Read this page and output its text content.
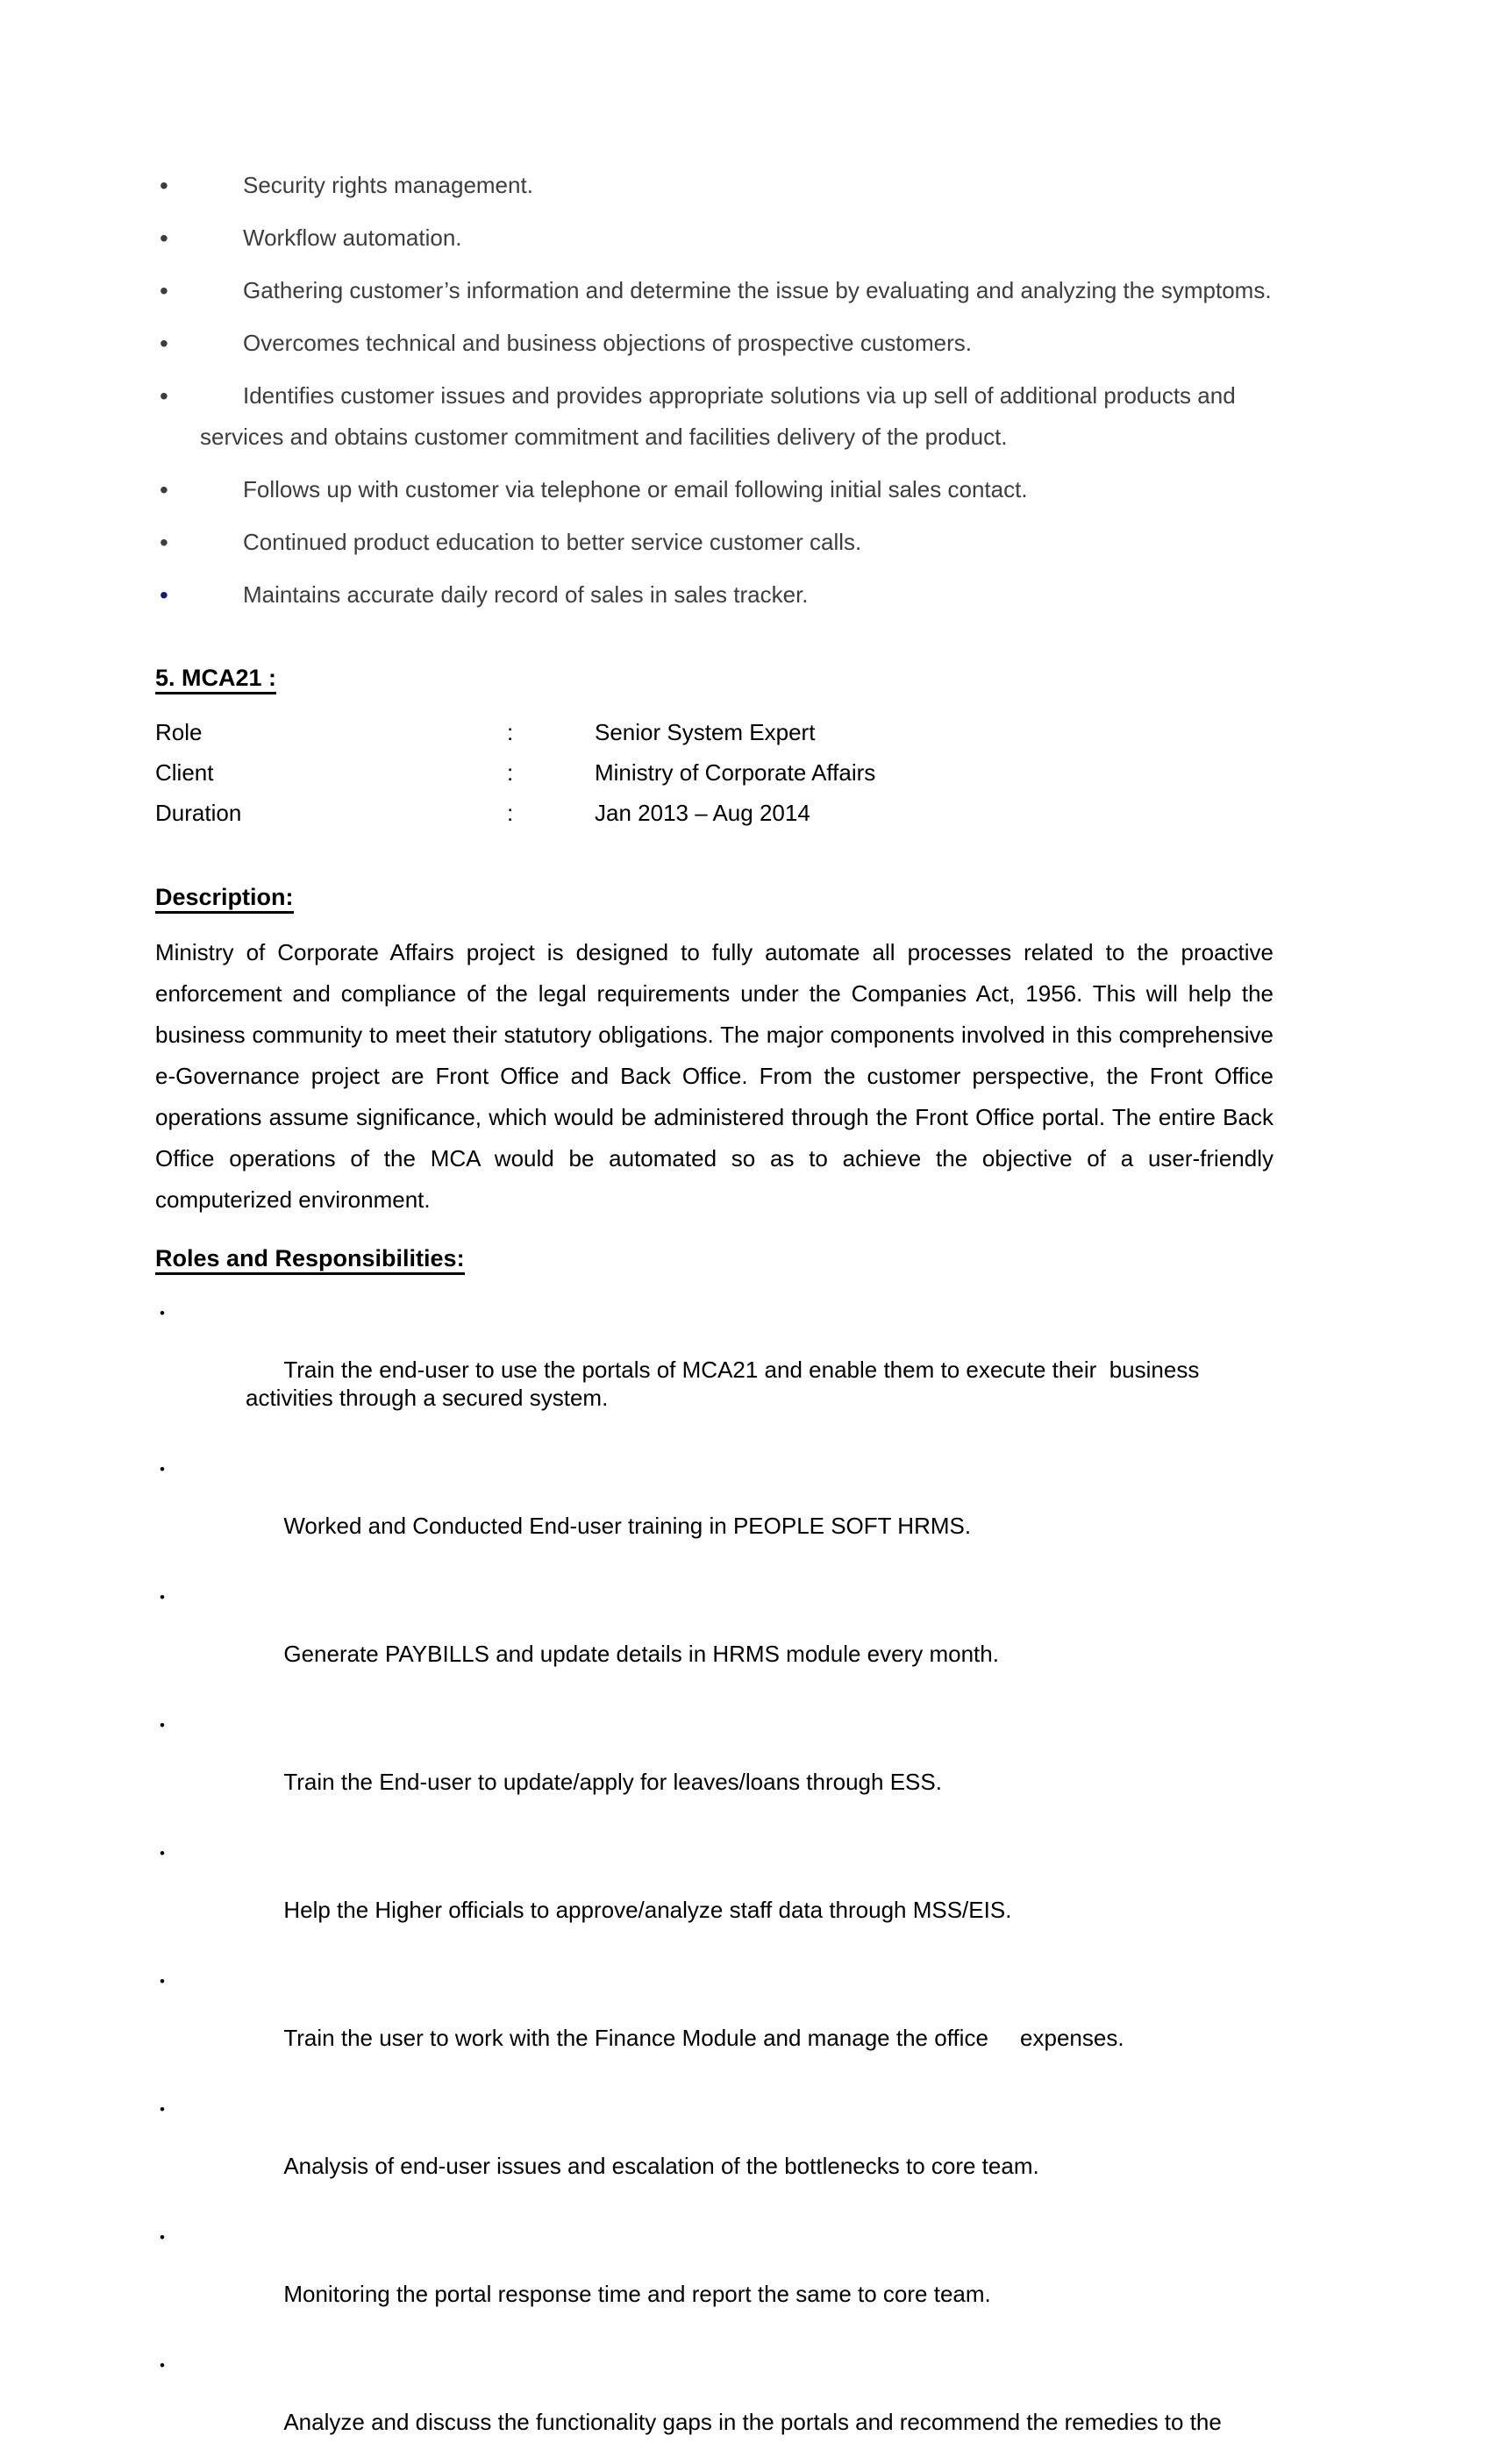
•	Security rights management.
•	Workflow automation.
•	Gathering customer’s information and determine the issue by evaluating and analyzing the symptoms.
•	Overcomes technical and business objections of prospective customers.
•	Identifies customer issues and provides appropriate solutions via up sell of additional products and services and obtains customer commitment and facilities delivery of the product.
•	Follows up with customer via telephone or email following initial sales contact.
•	Continued product education to better service customer calls.
•	Maintains accurate daily record of sales in sales tracker.
5. MCA21 :
Role	:	Senior System Expert
Client	:	Ministry of Corporate Affairs
Duration	:	Jan 2013 – Aug 2014
Description:

Ministry of Corporate Affairs project is designed to fully automate all processes related to the proactive enforcement and compliance of the legal requirements under the Companies Act, 1956. This will help the business community to meet their statutory obligations. The major components involved in this comprehensive e-Governance project are Front Office and Back Office. From the customer perspective, the Front Office operations assume significance, which would be administered through the Front Office portal. The entire Back Office operations of the MCA would be automated so as to achieve the objective of a user-friendly computerized environment.

Roles and Responsibilities:

•

Train the end-user to use the portals of MCA21 and enable them to execute their  business activities through a secured system.

•

Worked and Conducted End-user training in PEOPLE SOFT HRMS.

•

Generate PAYBILLS and update details in HRMS module every month.

•

Train the End-user to update/apply for leaves/loans through ESS.

•

Help the Higher officials to approve/analyze staff data through MSS/EIS.

•

Train the user to work with the Finance Module and manage the office     expenses.

•

Analysis of end-user issues and escalation of the bottlenecks to core team.

•

Monitoring the portal response time and report the same to core team.

•

Analyze and discuss the functionality gaps in the portals and recommend the remedies to the
